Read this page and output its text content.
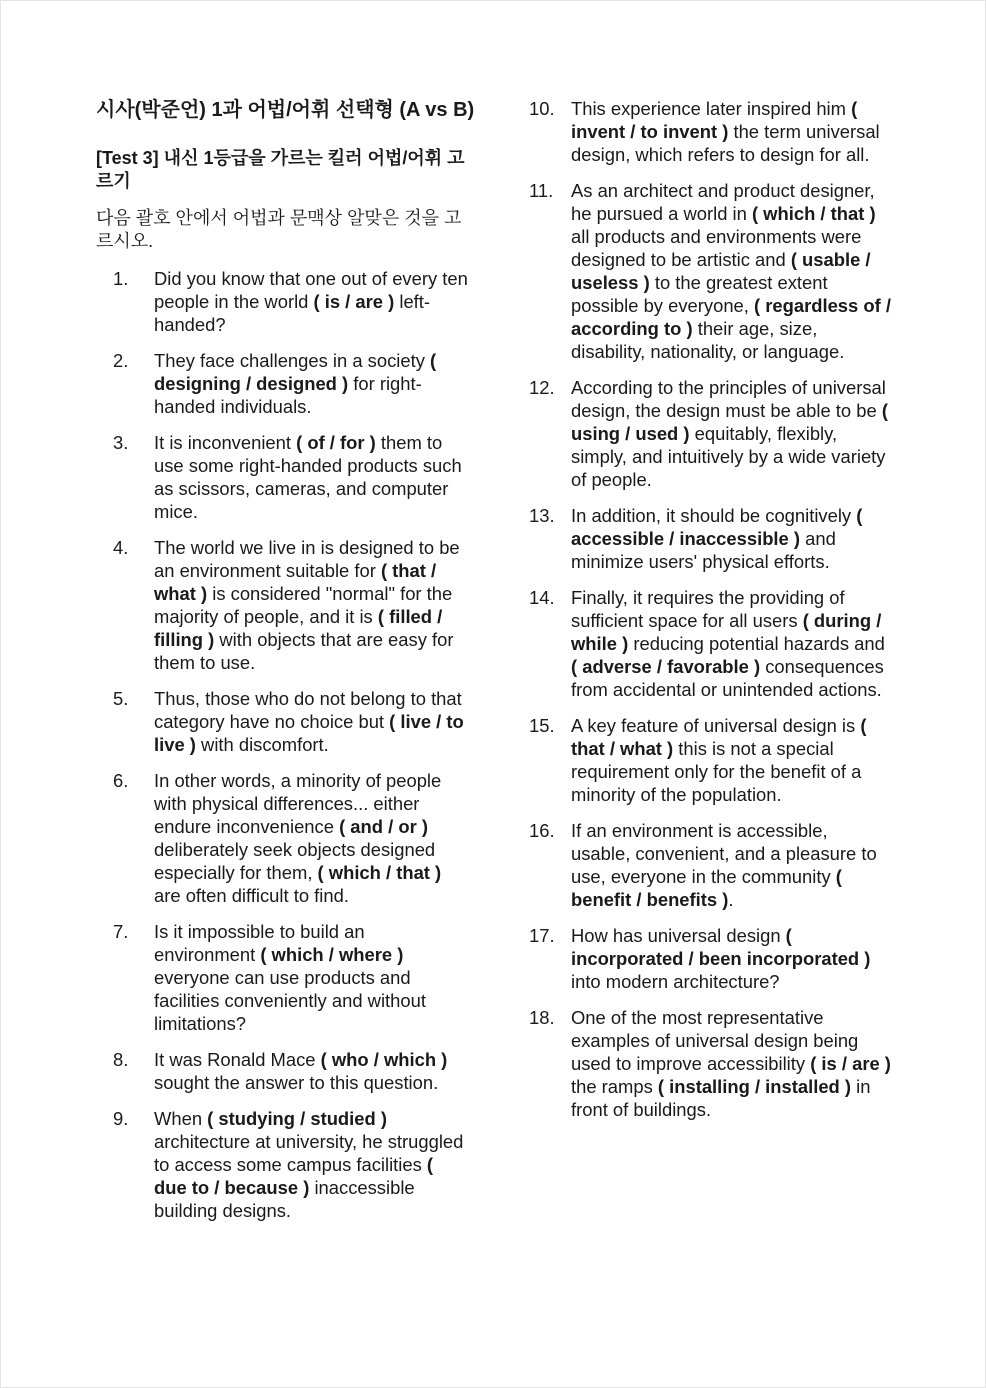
시사(박준언) 1과 어법/어휘 선택형 (A vs B)
[Test 3] 내신 1등급을 가르는 킬러 어법/어휘 고르기

다음 괄호 안에서 어법과 문맥상 알맞은 것을 고르시오.

1. Did you know that one out of every ten people in the world ( is / are ) left-handed?
2. They face challenges in a society ( designing / designed ) for right-handed individuals.
3. It is inconvenient ( of / for ) them to use some right-handed products such as scissors, cameras, and computer mice.
4. The world we live in is designed to be an environment suitable for ( that / what ) is considered "normal" for the majority of people, and it is ( filled / filling ) with objects that are easy for them to use.
5. Thus, those who do not belong to that category have no choice but ( live / to live ) with discomfort.
6. In other words, a minority of people with physical differences... either endure inconvenience ( and / or ) deliberately seek objects designed especially for them, ( which / that ) are often difficult to find.
7. Is it impossible to build an environment ( which / where ) everyone can use products and facilities conveniently and without limitations?
8. It was Ronald Mace ( who / which ) sought the answer to this question.
9. When ( studying / studied ) architecture at university, he struggled to access some campus facilities ( due to / because ) inaccessible building designs.
10. This experience later inspired him ( invent / to invent ) the term universal design, which refers to design for all.
11. As an architect and product designer, he pursued a world in ( which / that ) all products and environments were designed to be artistic and ( usable / useless ) to the greatest extent possible by everyone, ( regardless of / according to ) their age, size, disability, nationality, or language.
12. According to the principles of universal design, the design must be able to be ( using / used ) equitably, flexibly, simply, and intuitively by a wide variety of people.
13. In addition, it should be cognitively ( accessible / inaccessible ) and minimize users' physical efforts.
14. Finally, it requires the providing of sufficient space for all users ( during / while ) reducing potential hazards and ( adverse / favorable ) consequences from accidental or unintended actions.
15. A key feature of universal design is ( that / what ) this is not a special requirement only for the benefit of a minority of the population.
16. If an environment is accessible, usable, convenient, and a pleasure to use, everyone in the community ( benefit / benefits ).
17. How has universal design ( incorporated / been incorporated ) into modern architecture?
18. One of the most representative examples of universal design being used to improve accessibility ( is / are ) the ramps ( installing / installed ) in front of buildings.
